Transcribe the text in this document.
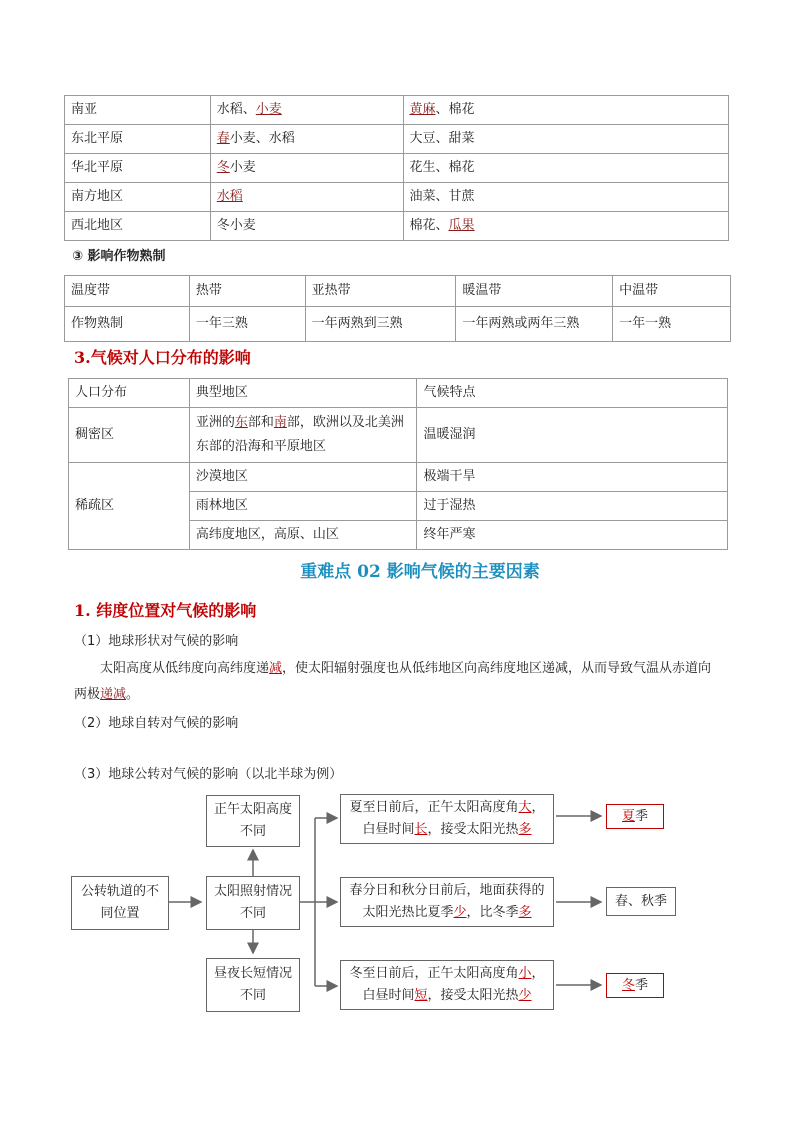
南亚	水稻、小麦	黄麻、棉花
东北平原	春小麦、水稻	大豆、甜菜
华北平原	冬小麦	花生、棉花
南方地区	水稻	油菜、甘蔗
西北地区	冬小麦	棉花、瓜果
③ 影响作物熟制
温度带	热带	亚热带	暖温带	中温带
作物熟制	一年三熟	一年两熟到三熟	一年两熟或两年三熟	一年一熟
3.气候对人口分布的影响
人口分布	典型地区	气候特点
稠密区	亚洲的东部和南部，欧洲以及北美洲东部的沿海和平原地区	温暖湿润
稀疏区	沙漠地区	极端干旱
	雨林地区	过于湿热
	高纬度地区，高原、山区	终年严寒
重难点 02 影响气候的主要因素
1. 纬度位置对气候的影响
（1）地球形状对气候的影响
太阳高度从低纬度向高纬度递减，使太阳辐射强度也从低纬地区向高纬度地区递减，从而导致气温从赤道向两极递减。
（2）地球自转对气候的影响
（3）地球公转对气候的影响（以北半球为例）
公转轨道的不同位置
太阳照射情况不同
正午太阳高度不同
昼夜长短情况不同
夏至日前后，正午太阳高度角大，白昼时间长，接受太阳光热多
春分日和秋分日前后，地面获得的太阳光热比夏季少，比冬季多
冬至日前后，正午太阳高度角小，白昼时间短，接受太阳光热少
夏季
春、秋季
冬季
